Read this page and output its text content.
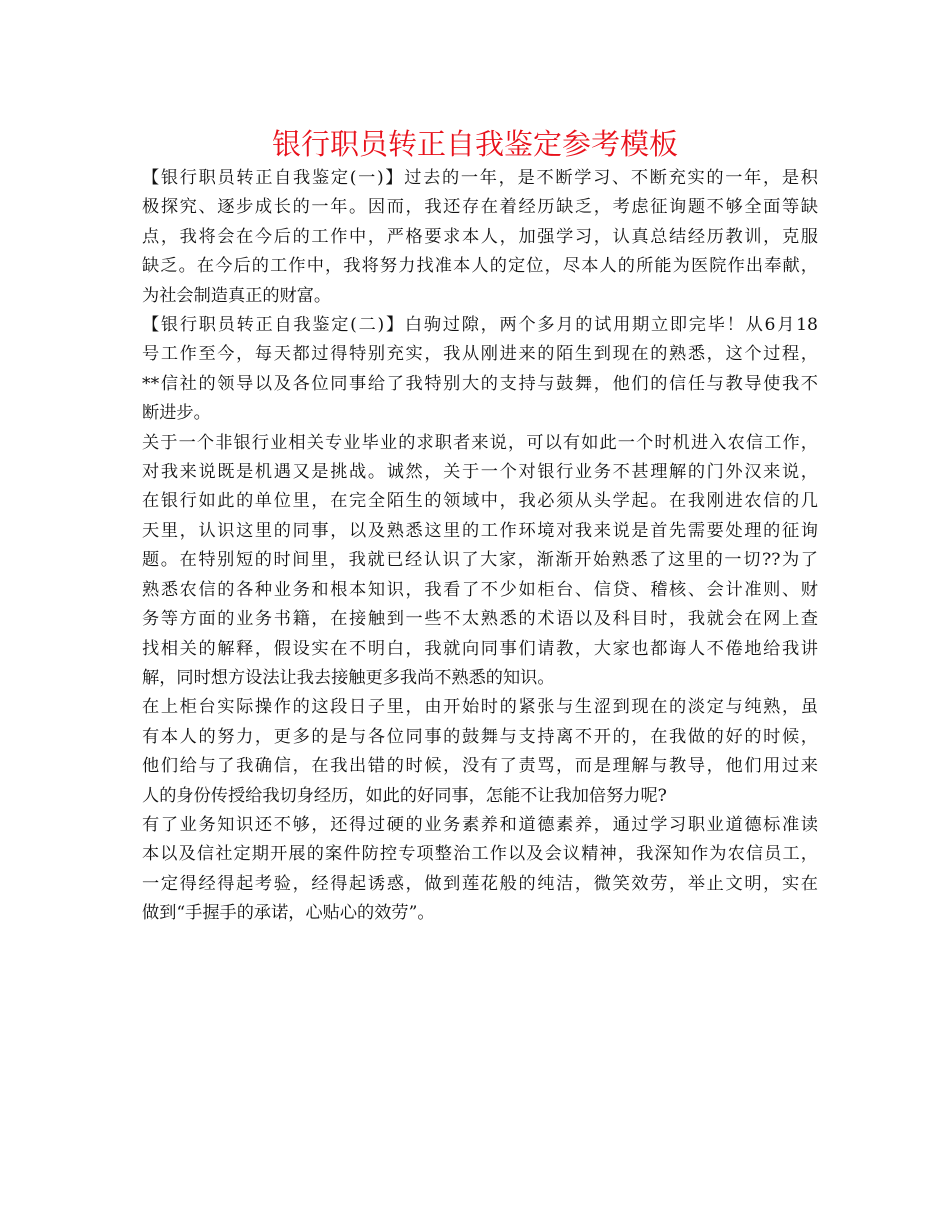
银行职员转正自我鉴定参考模板

【银行职员转正自我鉴定(一)】过去的一年，是不断学习、不断充实的一年，是积
极探究、逐步成长的一年。因而，我还存在着经历缺乏，考虑征询题不够全面等缺
点，我将会在今后的工作中，严格要求本人，加强学习，认真总结经历教训，克服
缺乏。在今后的工作中，我将努力找准本人的定位，尽本人的所能为医院作出奉献，
为社会制造真正的财富。

【银行职员转正自我鉴定(二)】白驹过隙，两个多月的试用期立即完毕！从6月18
号工作至今，每天都过得特别充实，我从刚进来的陌生到现在的熟悉，这个过程，
**信社的领导以及各位同事给了我特别大的支持与鼓舞，他们的信任与教导使我不
断进步。

关于一个非银行业相关专业毕业的求职者来说，可以有如此一个时机进入农信工作，
对我来说既是机遇又是挑战。诚然，关于一个对银行业务不甚理解的门外汉来说，
在银行如此的单位里，在完全陌生的领域中，我必须从头学起。在我刚进农信的几
天里，认识这里的同事，以及熟悉这里的工作环境对我来说是首先需要处理的征询
题。在特别短的时间里，我就已经认识了大家，渐渐开始熟悉了这里的一切??为了
熟悉农信的各种业务和根本知识，我看了不少如柜台、信贷、稽核、会计准则、财
务等方面的业务书籍，在接触到一些不太熟悉的术语以及科目时，我就会在网上查
找相关的解释，假设实在不明白，我就向同事们请教，大家也都诲人不倦地给我讲
解，同时想方设法让我去接触更多我尚不熟悉的知识。

在上柜台实际操作的这段日子里，由开始时的紧张与生涩到现在的淡定与纯熟，虽
有本人的努力，更多的是与各位同事的鼓舞与支持离不开的，在我做的好的时候，
他们给与了我确信，在我出错的时候，没有了责骂，而是理解与教导，他们用过来
人的身份传授给我切身经历，如此的好同事，怎能不让我加倍努力呢?

有了业务知识还不够，还得过硬的业务素养和道德素养，通过学习职业道德标准读
本以及信社定期开展的案件防控专项整治工作以及会议精神，我深知作为农信员工，
一定得经得起考验，经得起诱惑，做到莲花般的纯洁，微笑效劳，举止文明，实在
做到“手握手的承诺，心贴心的效劳”。
